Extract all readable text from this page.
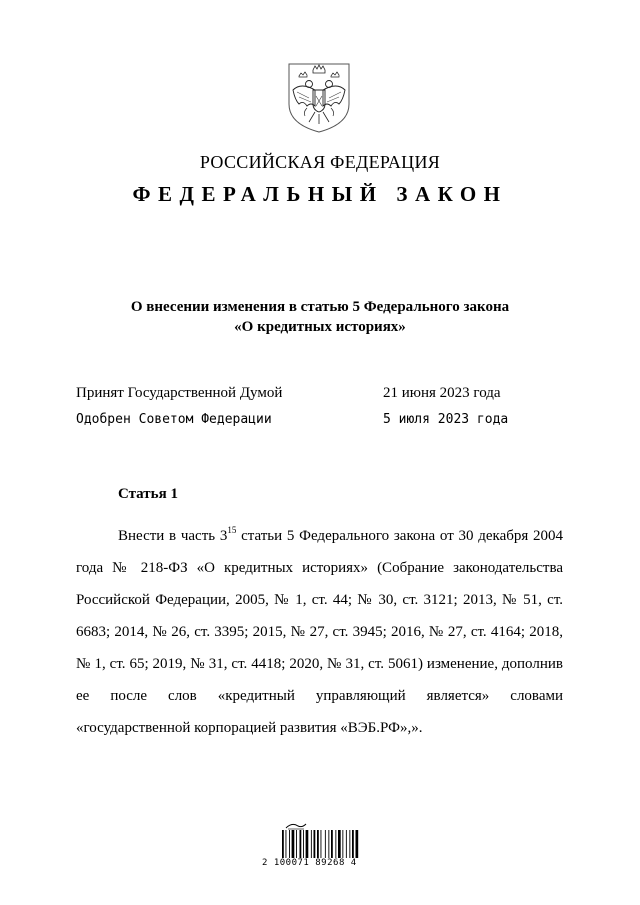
РОССИЙСКАЯ ФЕДЕРАЦИЯ
ФЕДЕРАЛЬНЫЙ ЗАКОН
О внесении изменения в статью 5 Федерального закона
«О кредитных историях»
Принят Государственной Думой	21 июня 2023 года
Одобрен Советом Федерации	5 июля 2023 года
Статья 1
Внести в часть $3^{15}$ статьи 5 Федерального закона от 30 декабря 2004 года № 218-ФЗ «О кредитных историях» (Собрание законодательства Российской Федерации, 2005, № 1, ст. 44; № 30, ст. 3121; 2013, № 51, ст. 6683; 2014, № 26, ст. 3395; 2015, № 27, ст. 3945; 2016, № 27, ст. 4164; 2018, № 1, ст. 65; 2019, № 31, ст. 4418; 2020, № 31, ст. 5061) изменение, дополнив ее после слов «кредитный управляющий является» словами «государственной корпорацией развития «ВЭБ.РФ»,».
2 100071 89268 4
